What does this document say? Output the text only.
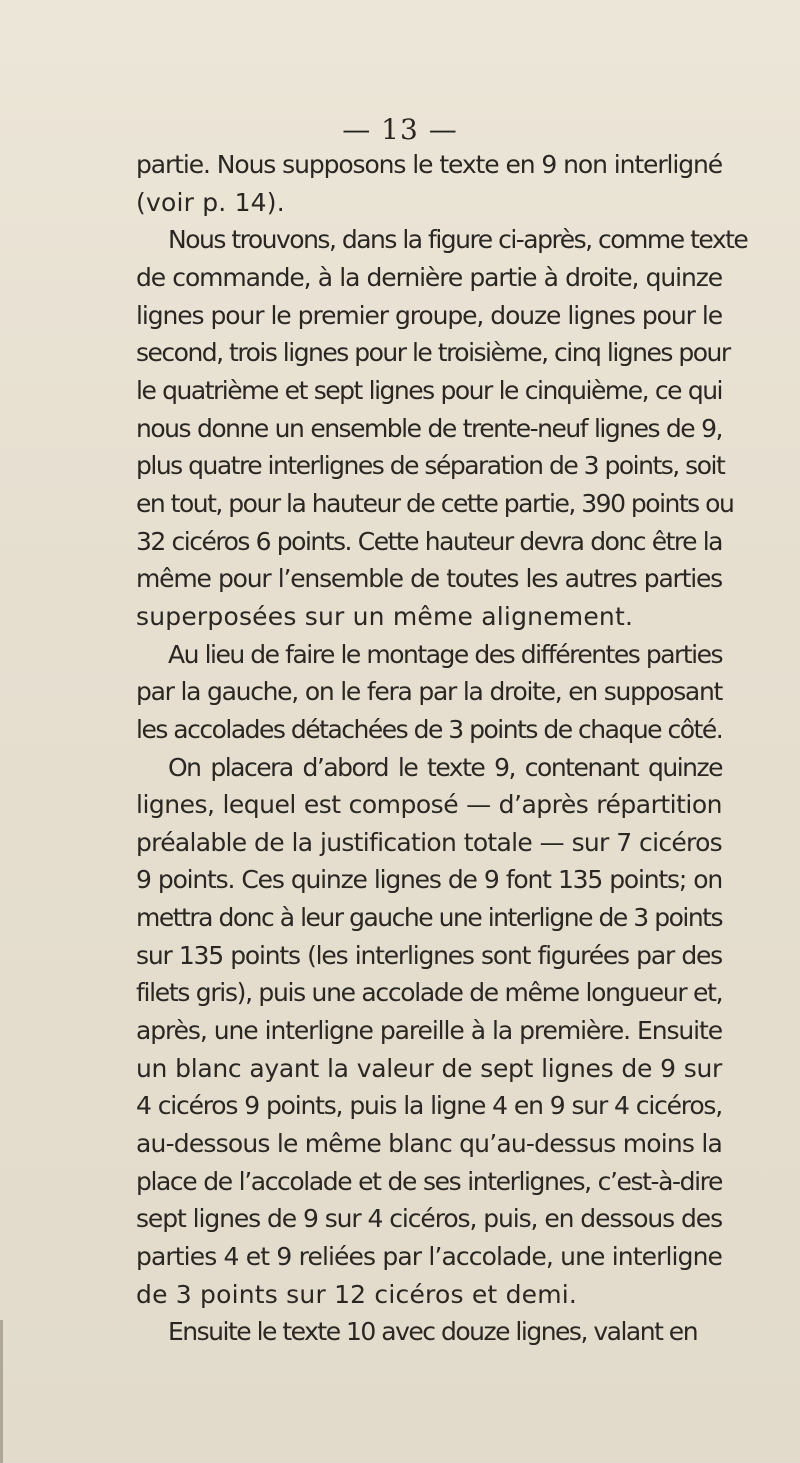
— 13 —

partie. Nous supposons le texte en 9 non interligné
(voir p. 14).

Nous trouvons, dans la figure ci-après, comme texte
de commande, à la dernière partie à droite, quinze
lignes pour le premier groupe, douze lignes pour le
second, trois lignes pour le troisième, cinq lignes pour
le quatrième et sept lignes pour le cinquième, ce qui
nous donne un ensemble de trente-neuf lignes de 9,
plus quatre interlignes de séparation de 3 points, soit
en tout, pour la hauteur de cette partie, 390 points ou
32 cicéros 6 points. Cette hauteur devra donc être la
même pour l’ensemble de toutes les autres parties
superposées sur un même alignement.

Au lieu de faire le montage des différentes parties
par la gauche, on le fera par la droite, en supposant
les accolades détachées de 3 points de chaque côté.

On placera d’abord le texte 9, contenant quinze
lignes, lequel est composé — d’après répartition
préalable de la justification totale — sur 7 cicéros
9 points. Ces quinze lignes de 9 font 135 points; on
mettra donc à leur gauche une interligne de 3 points
sur 135 points (les interlignes sont figurées par des
filets gris), puis une accolade de même longueur et,
après, une interligne pareille à la première. Ensuite
un blanc ayant la valeur de sept lignes de 9 sur
4 cicéros 9 points, puis la ligne 4 en 9 sur 4 cicéros,
au-dessous le même blanc qu’au-dessus moins la
place de l’accolade et de ses interlignes, c’est-à-dire
sept lignes de 9 sur 4 cicéros, puis, en dessous des
parties 4 et 9 reliées par l’accolade, une interligne
de 3 points sur 12 cicéros et demi.

Ensuite le texte 10 avec douze lignes, valant en
